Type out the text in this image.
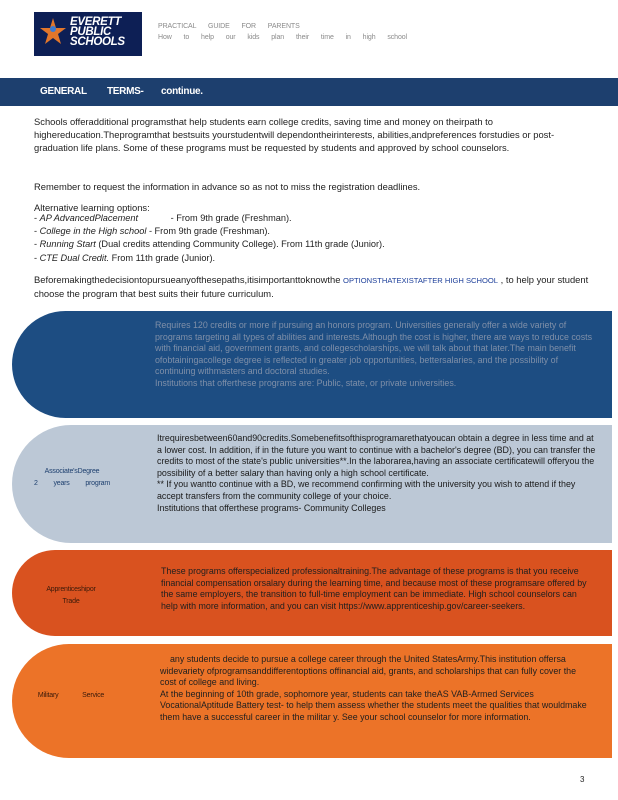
EVERETT
PUBLIC
SCHOOLS
PRACTICAL GUIDE FOR PARENTS
How to help our kids plan their time in high school
GENERAL TERMS- continue.
Schools offeradditional programsthat help students earn college credits, saving time and money on theirpath to highereducation.Theprogramthat bestsuits yourstudentwill dependontheirinterests, abilities,andpreferences forstudies or post-graduation life plans. Some of these programs must be requested by students and approved by school counselors.
Remember to request the information in advance so as not to miss the registration deadlines.
Alternative learning options:
- AP AdvancedPlacement	- From 9th grade (Freshman).
- College in the High school - From 9th grade (Freshman).
- Running Start (Dual credits attending Community College). From 11th grade (Junior).
- CTE Dual Credit. From 11th grade (Junior).
Beforemakingthedecisiontopursueanyofthesepaths,itisimportanttoknowthe OPTIONSTHATEXISTAFTER HIGH SCHOOL , to help your student choose the program that best suits their future curriculum.

Requires 120 credits or more if pursuing an honors program. Universities generally offer a wide variety of programs targeting all types of abilities and interests.Although the cost is higher, there are ways to reduce costs with financial aid, government grants, and collegescholarships, we will talk about that later.The main benefit ofobtainingacollege degree is reflected in greater job opportunities, bettersalaries, and the possibility of continuing withmasters and doctoral studies.

Institutions that offerthese programs are: Public, state, or private universities.

Associate'sDegree
2 years program

Itrequiresbetween60and90credits.Somebenefitsofthisprogramarethatyoucan obtain a degree in less time and at a lower cost. In addition, if in the future you want to continue with a bachelor's degree (BD), you can transfer the credits to most of the state's public universities**.In the laborarea,having an associate certificatewill offeryou the possibility of a better salary than having only a high school certificate.

** If you wantto continue with a BD, we recommend confirming with the university you wish to attend if they accept transfers from the community college of your choice.

Institutions that offerthese programs- Community Colleges

Apprenticeshipor
Trade

These programs offerspecialized professionaltraining.The advantage of these programs is that you receive financial compensation orsalary during the learning time, and because most of these programsare offered by the same employers, the transition to full-time employment can be immediate. High school counselors can help with more information, and you can visit https://www.apprenticeship.gov/career-seekers.

Military Service

any students decide to pursue a college career through the United StatesArmy.This institution offersa widevariety ofprogramsanddifferentoptions offinancial aid, grants, and scholarships that can fully cover the cost of college and living.

At the beginning of 10th grade, sophomore year, students can take theAS VAB-Armed Services VocationalAptitude Battery test- to help them assess whether the students meet the qualities that wouldmake them have a successful career in the militar y. See your school counselor for more information.

3
